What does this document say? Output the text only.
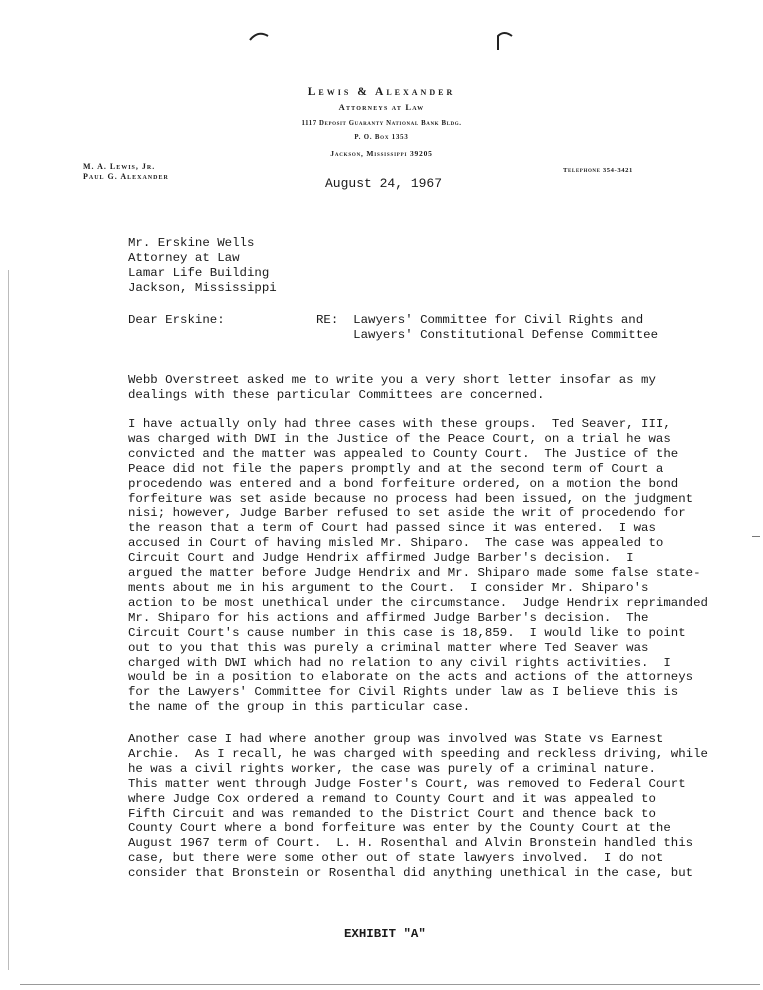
Lewis & Alexander
Attorneys at Law
1117 Deposit Guaranty National Bank Bldg.
P. O. Box 1353
Jackson, Mississippi 39205
M. A. Lewis, Jr.
Paul G. Alexander
Telephone 354-3421
August 24, 1967
Mr. Erskine Wells
Attorney at Law
Lamar Life Building
Jackson, Mississippi
Dear Erskine:	RE:  Lawyers' Committee for Civil Rights and
Lawyers' Constitutional Defense Committee
Webb Overstreet asked me to write you a very short letter insofar as my
dealings with these particular Committees are concerned.
I have actually only had three cases with these groups.  Ted Seaver, III,
was charged with DWI in the Justice of the Peace Court, on a trial he was
convicted and the matter was appealed to County Court.  The Justice of the
Peace did not file the papers promptly and at the second term of Court a
procedendo was entered and a bond forfeiture ordered, on a motion the bond
forfeiture was set aside because no process had been issued, on the judgment
nisi; however, Judge Barber refused to set aside the writ of procedendo for
the reason that a term of Court had passed since it was entered.  I was
accused in Court of having misled Mr. Shiparo.  The case was appealed to
Circuit Court and Judge Hendrix affirmed Judge Barber's decision.  I
argued the matter before Judge Hendrix and Mr. Shiparo made some false state-
ments about me in his argument to the Court.  I consider Mr. Shiparo's
action to be most unethical under the circumstance.  Judge Hendrix reprimanded
Mr. Shiparo for his actions and affirmed Judge Barber's decision.  The
Circuit Court's cause number in this case is 18,859.  I would like to point
out to you that this was purely a criminal matter where Ted Seaver was
charged with DWI which had no relation to any civil rights activities.  I
would be in a position to elaborate on the acts and actions of the attorneys
for the Lawyers' Committee for Civil Rights under law as I believe this is
the name of the group in this particular case.
Another case I had where another group was involved was State vs Earnest
Archie.  As I recall, he was charged with speeding and reckless driving, while
he was a civil rights worker, the case was purely of a criminal nature.
This matter went through Judge Foster's Court, was removed to Federal Court
where Judge Cox ordered a remand to County Court and it was appealed to
Fifth Circuit and was remanded to the District Court and thence back to
County Court where a bond forfeiture was enter by the County Court at the
August 1967 term of Court.  L. H. Rosenthal and Alvin Bronstein handled this
case, but there were some other out of state lawyers involved.  I do not
consider that Bronstein or Rosenthal did anything unethical in the case, but
EXHIBIT "A"
